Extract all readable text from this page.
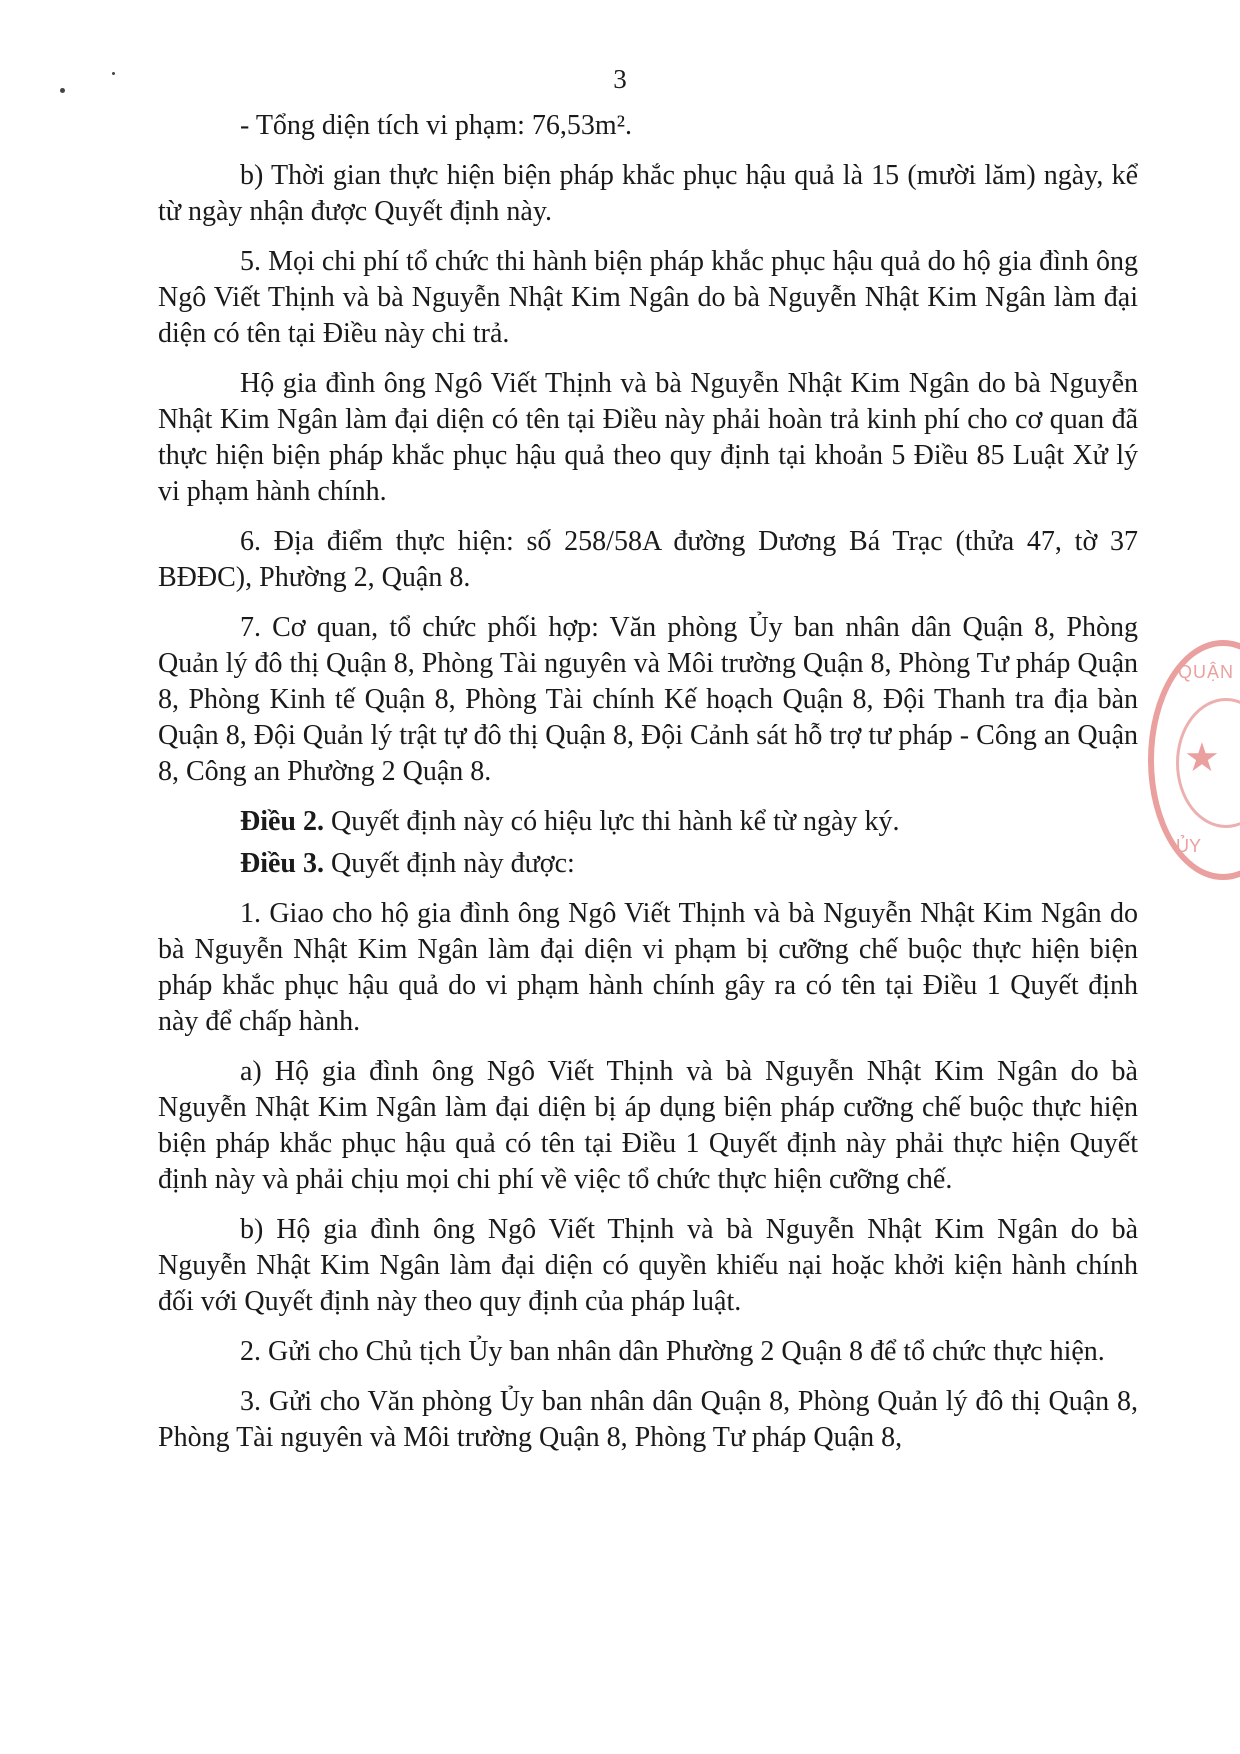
3

- Tổng diện tích vi phạm: 76,53m².

b) Thời gian thực hiện biện pháp khắc phục hậu quả là 15 (mười lăm) ngày, kể từ ngày nhận được Quyết định này.

5. Mọi chi phí tổ chức thi hành biện pháp khắc phục hậu quả do hộ gia đình ông Ngô Viết Thịnh và bà Nguyễn Nhật Kim Ngân do bà Nguyễn Nhật Kim Ngân làm đại diện có tên tại Điều này chi trả.

Hộ gia đình ông Ngô Viết Thịnh và bà Nguyễn Nhật Kim Ngân do bà Nguyễn Nhật Kim Ngân làm đại diện có tên tại Điều này phải hoàn trả kinh phí cho cơ quan đã thực hiện biện pháp khắc phục hậu quả theo quy định tại khoản 5 Điều 85 Luật Xử lý vi phạm hành chính.

6. Địa điểm thực hiện: số 258/58A đường Dương Bá Trạc (thửa 47, tờ 37 BĐĐC), Phường 2, Quận 8.

7. Cơ quan, tổ chức phối hợp: Văn phòng Ủy ban nhân dân Quận 8, Phòng Quản lý đô thị Quận 8, Phòng Tài nguyên và Môi trường Quận 8, Phòng Tư pháp Quận 8, Phòng Kinh tế Quận 8, Phòng Tài chính Kế hoạch Quận 8, Đội Thanh tra địa bàn Quận 8, Đội Quản lý trật tự đô thị Quận 8, Đội Cảnh sát hỗ trợ tư pháp - Công an Quận 8, Công an Phường 2 Quận 8.

Điều 2. Quyết định này có hiệu lực thi hành kể từ ngày ký.

Điều 3. Quyết định này được:

1. Giao cho hộ gia đình ông Ngô Viết Thịnh và bà Nguyễn Nhật Kim Ngân do bà Nguyễn Nhật Kim Ngân làm đại diện vi phạm bị cưỡng chế buộc thực hiện biện pháp khắc phục hậu quả do vi phạm hành chính gây ra có tên tại Điều 1 Quyết định này để chấp hành.

a) Hộ gia đình ông Ngô Viết Thịnh và bà Nguyễn Nhật Kim Ngân do bà Nguyễn Nhật Kim Ngân làm đại diện bị áp dụng biện pháp cưỡng chế buộc thực hiện biện pháp khắc phục hậu quả có tên tại Điều 1 Quyết định này phải thực hiện Quyết định này và phải chịu mọi chi phí về việc tổ chức thực hiện cưỡng chế.

b) Hộ gia đình ông Ngô Viết Thịnh và bà Nguyễn Nhật Kim Ngân do bà Nguyễn Nhật Kim Ngân làm đại diện có quyền khiếu nại hoặc khởi kiện hành chính đối với Quyết định này theo quy định của pháp luật.

2. Gửi cho Chủ tịch Ủy ban nhân dân Phường 2 Quận 8 để tổ chức thực hiện.

3. Gửi cho Văn phòng Ủy ban nhân dân Quận 8, Phòng Quản lý đô thị Quận 8, Phòng Tài nguyên và Môi trường Quận 8, Phòng Tư pháp Quận 8,

QUẬN
★
ỦY
